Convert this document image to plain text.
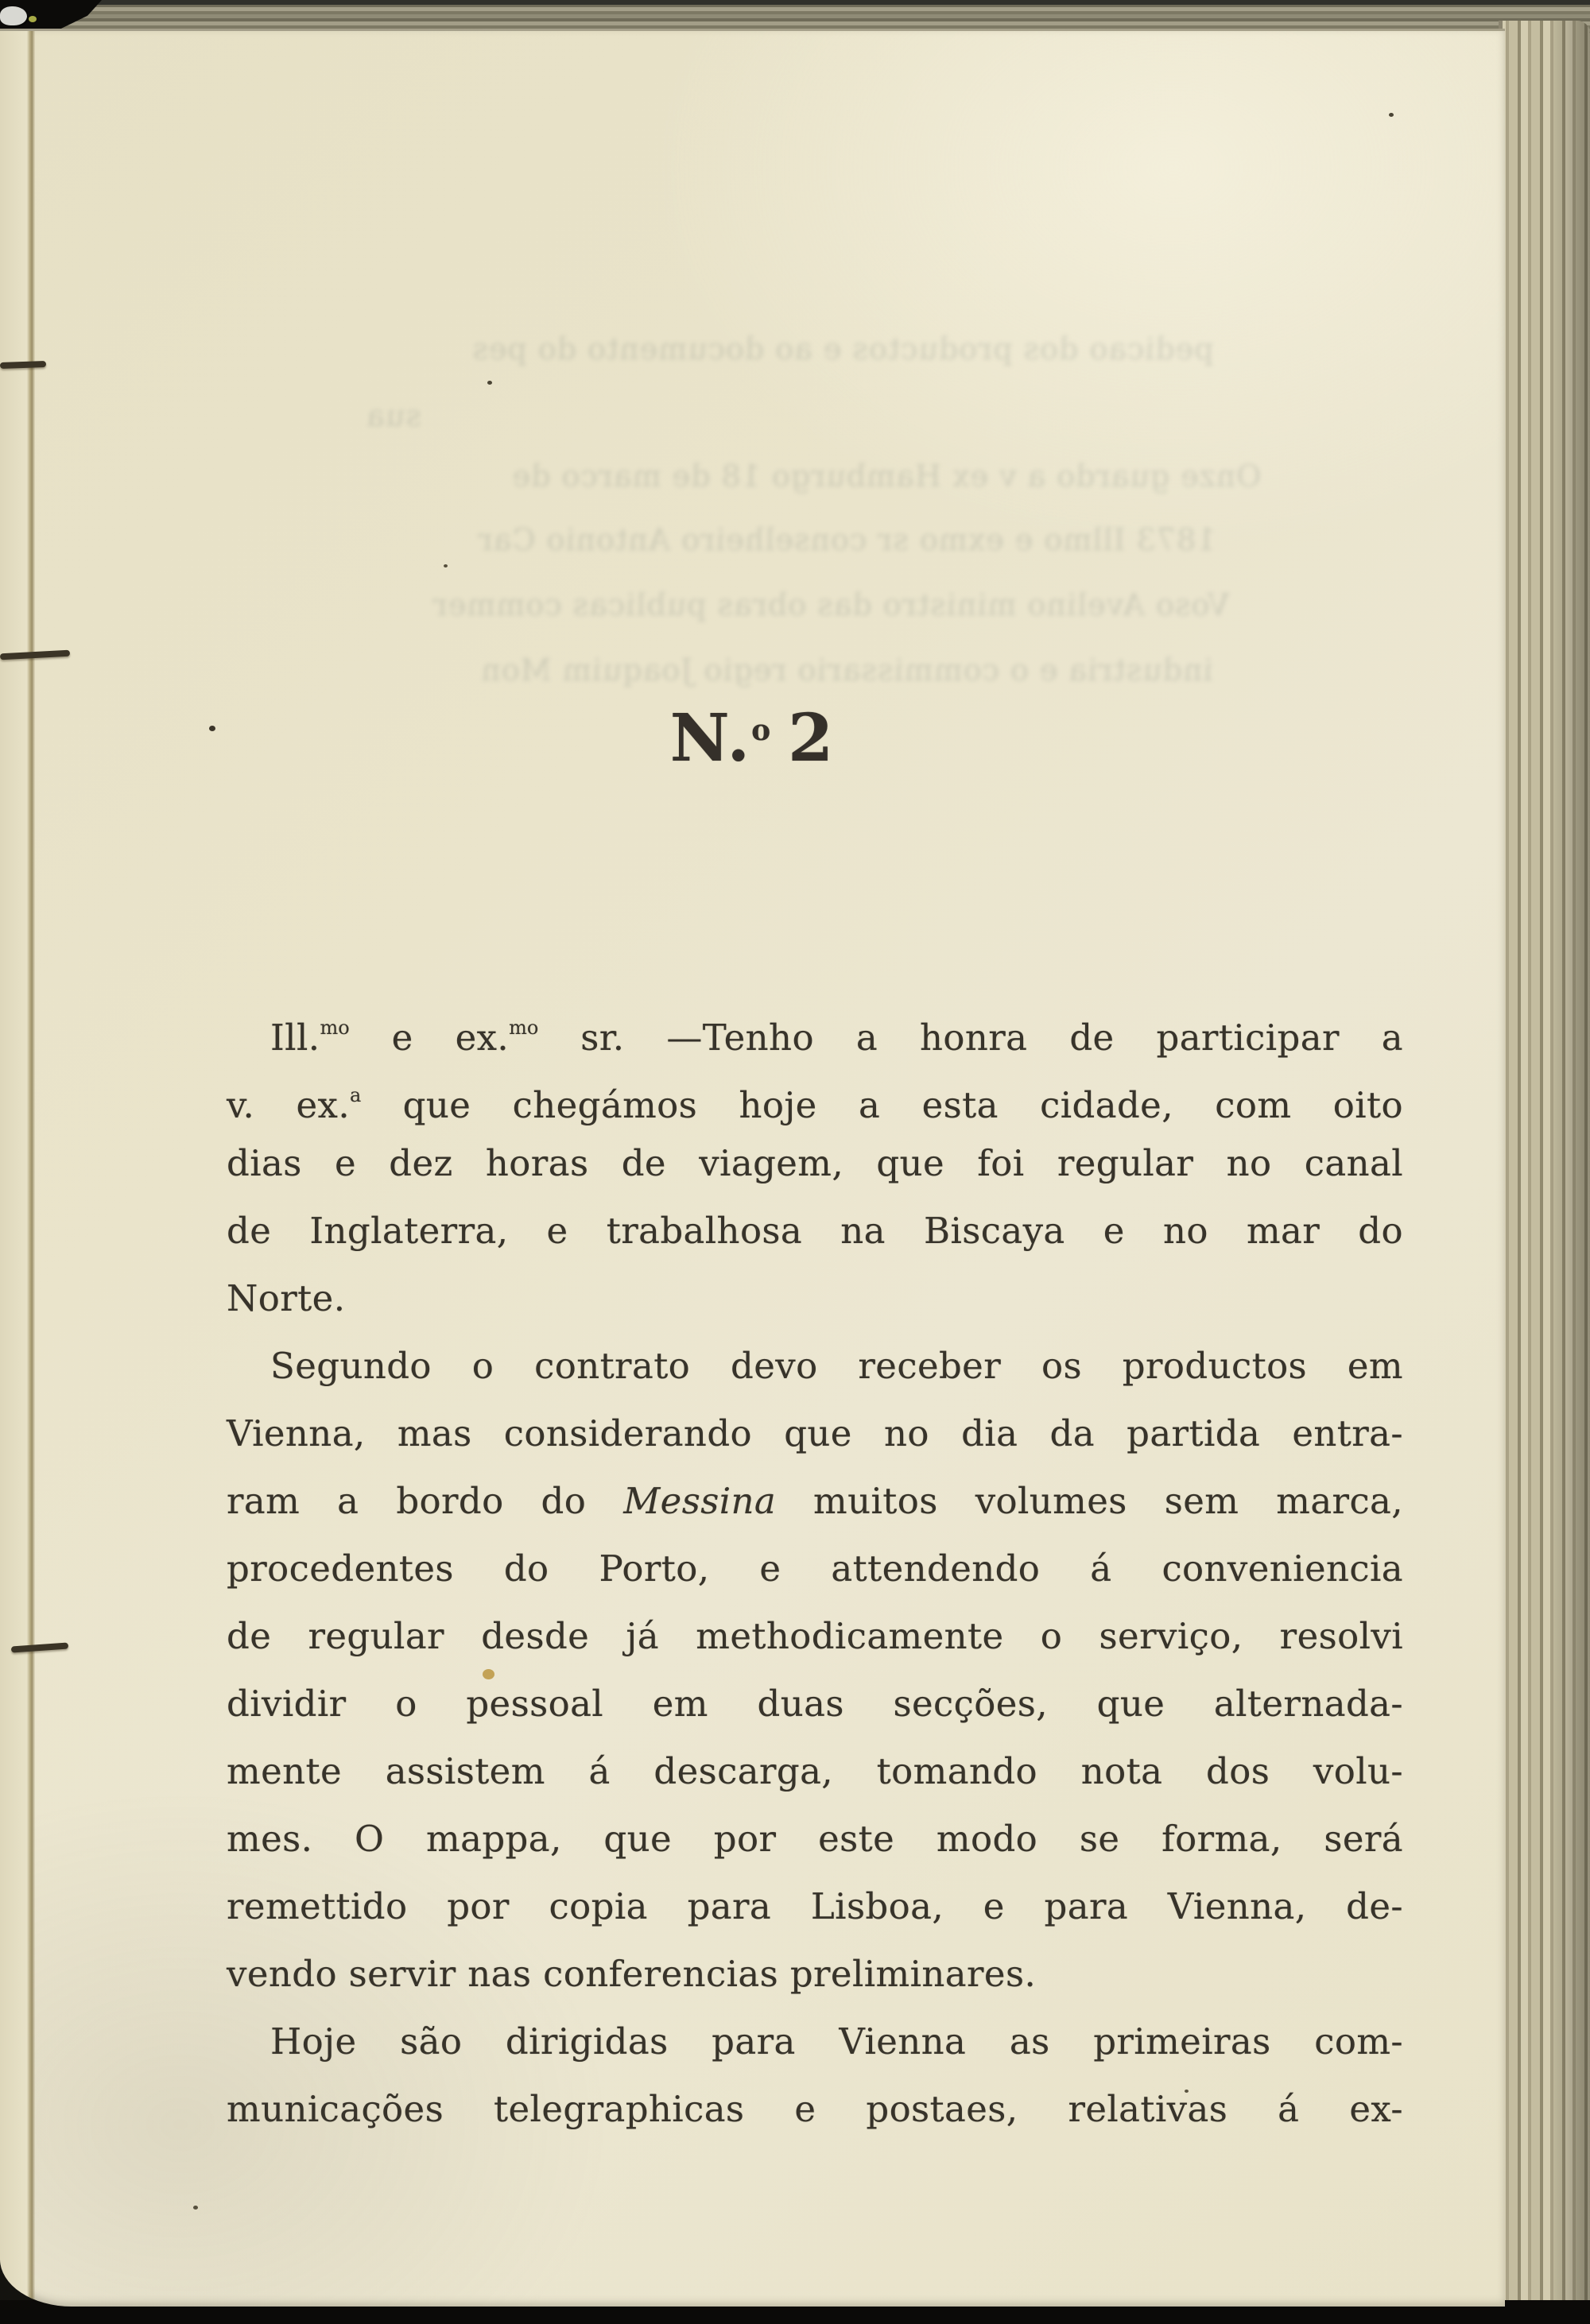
pedicao dos productos e ao documento do pes
sua
Onze guardo a v ex Hamburgo 18 de marco de
1873 Illmo e exmo sr conselheiro Antonio Car
Voso Avelino ministro das obras publicas commer
industria e o commissario regio Joaquim Mon
N.$^o$ 2
Ill.$^{mo}$ e ex.$^{mo}$ sr. —Tenho a honra de participar a
v. ex.$^a$ que chegámos hoje a esta cidade, com oito
dias e dez horas de viagem, que foi regular no canal
de Inglaterra, e trabalhosa na Biscaya e no mar do
Norte.
Segundo o contrato devo receber os productos em
Vienna, mas considerando que no dia da partida entra-
ram a bordo do Messina muitos volumes sem marca,
procedentes do Porto, e attendendo á conveniencia
de regular desde já methodicamente o serviço, resolvi
dividir o pessoal em duas secções, que alternada-
mente assistem á descarga, tomando nota dos volu-
mes. O mappa, que por este modo se forma, será
remettido por copia para Lisboa, e para Vienna, de-
vendo servir nas conferencias preliminares.
Hoje são dirigidas para Vienna as primeiras com-
municações telegraphicas e postaes, relativas á ex-
